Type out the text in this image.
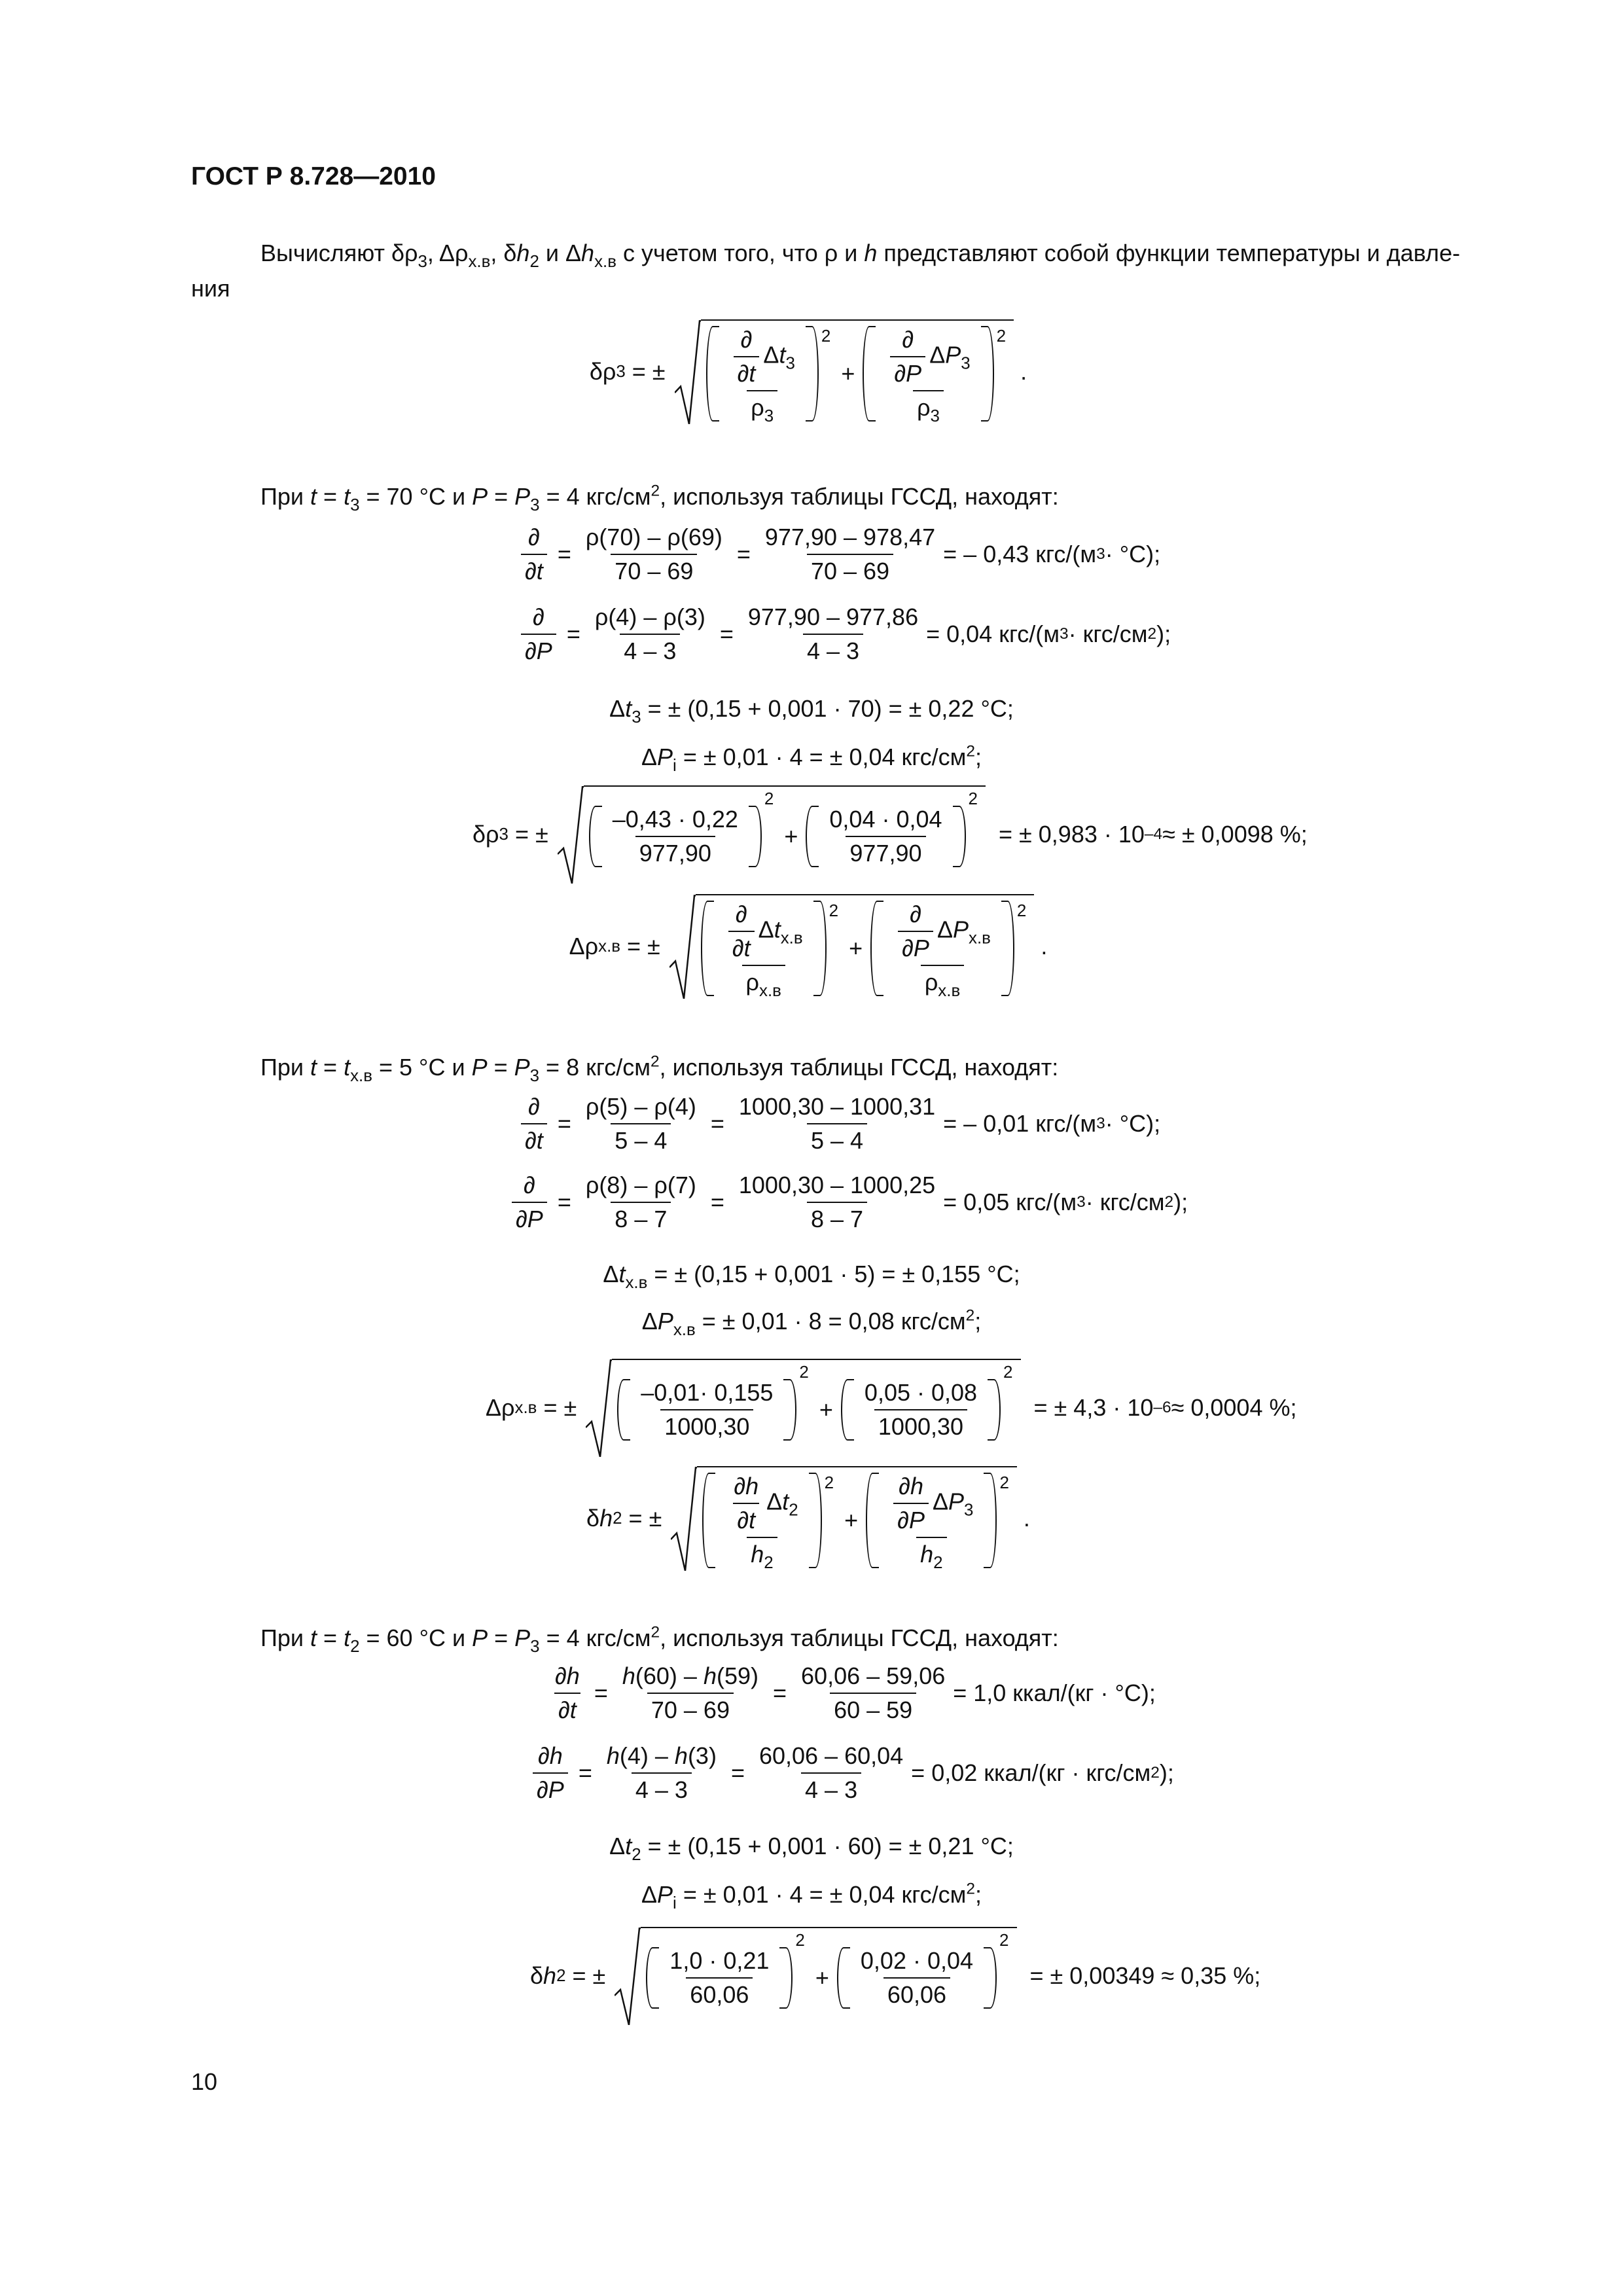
ГОСТ Р 8.728—2010
Вычисляют $\delta\rho_3$, $\Delta\rho_{х.в}$, $\delta h_2$ и $\Delta h_{х.в}$ с учетом того, что ρ и h представляют собой функции температуры и давле-
ния
δρ 3 = ±	$\frac{\frac{\partial}{\partial t} \Delta t_3}{\rho_3} 2$
+ $\frac{\frac{\partial}{\partial P} \Delta P_3}{\rho_3} 2$
.
При $t = t_3 = 70$ °C и $P = P_3 = 4$ кгс/$см^2$, используя таблицы ГССД, находят:
$\frac{\partial}{\partial t} = \frac{\rho(70) - \rho(69)}{70 - 69} = \frac{977,90 - 978,47}{70 - 69}$ = – 0,43 кгс/(м 3 · °С);
$\frac{\partial}{\partial P} = \frac{\rho(4) - \rho(3)}{4 - 3} = \frac{977,90 - 977,86}{4 - 3} = 0,04$ кгс/(м 3 · кгс/см 2 );
$\Delta t_3$ = ± (0,15 + 0,001 · 70) = ± 0,22 °С;
$\Delta P_i$ = ± 0,01 · 4 = ± 0,04 кгс/$см^2$;
δρ 3 = ±	$\frac{-0,43 \cdot 0,22}{977,90}$
2
+ $\frac{0,04 \cdot 0,04}{977,90}$
2
= ± 0,983 · 10 –4 ≈ ± 0,0098 %;
Δρ х.в = ±	$\frac{\frac{\partial}{\partial t} \Delta t_{х.в}}{\rho_{х.в}} 2$
+ $\frac{\frac{\partial}{\partial P} \Delta P_{х.в}}{\rho_{х.в}} 2$
.
При $t = t_{х.в} = 5$ °C и $P = P_3 = 8$ кгс/$см^2$, используя таблицы ГССД, находят:
$\frac{\partial}{\partial t} = \frac{\rho(5) - \rho(4)}{5 - 4} = \frac{1000,30 - 1000,31}{5 - 4}$ = – 0,01 кгс/(м 3 · °С);
$\frac{\partial}{\partial P} = \frac{\rho(8) - \rho(7)}{8 - 7} = \frac{1000,30 - 1000,25}{8 - 7} = 0,05$ кгс/(м 3 · кгс/см 2 );
$\Delta t_{х.в}$ = ± (0,15 + 0,001 · 5) = ± 0,155 °С;
$\Delta P_{х.в}$ = ± 0,01 · 8 = 0,08 кгс/$см^2$;
Δρ х.в = ±	$\frac{-0,01\cdot 0,155}{1000,30}$
2
+ $\frac{0,05 \cdot 0,08}{1000,30}$
2
= ± 4,3 · 10 –6 ≈ 0,0004 %;
δ h 2 = ±	$\frac{\frac{\partial h}{\partial t} \Delta t_2}{h_2} 2$
+ $\frac{\frac{\partial h}{\partial P} \Delta P_3}{h_2} 2$
.
При $t = t_2 = 60$ °C и $P = P_3 = 4$ кгс/$см^2$, используя таблицы ГССД, находят:
$\frac{\partial h}{\partial t} = \frac{h(60) - h(59)}{70 - 69} = \frac{60,06 - 59,06}{60 - 59} = 1,0$ ккал/(кг · °С);
$\frac{\partial h}{\partial P} = \frac{h(4) - h(3)}{4 - 3} = \frac{60,06 - 60,04}{4 - 3} = 0,02$ ккал/(кг · кгс/см 2 );
$\Delta t_2$ = ± (0,15 + 0,001 · 60) = ± 0,21 °С;
$\Delta P_i$ = ± 0,01 · 4 = ± 0,04 кгс/$см^2$;
δ h 2 = ±	$\frac{1,0 \cdot 0,21}{60,06}$
2
+ $\frac{0,02 \cdot 0,04}{60,06}$
2
= ± 0,00349 ≈ 0,35 %;
10
